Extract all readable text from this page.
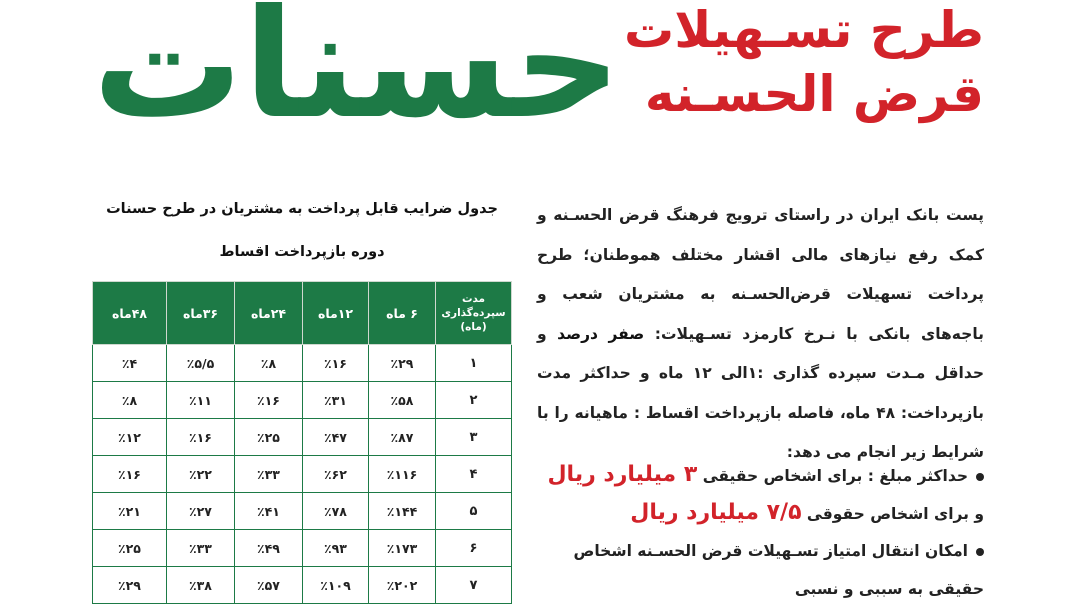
حسنات طرح تسـهیلات
قرض الحسـنه
جدول ضرایب قابل پرداخت به مشتریان در طرح حسنات
دوره بازپرداخت اقساط
مدت سپرده‌گذاری (ماه)	۶ ماه	۱۲ماه	۲۴ماه	۳۶ماه	۴۸ماه
۱	٪۲۹	٪۱۶	٪۸	٪۵/۵	٪۴
۲	٪۵۸	٪۳۱	٪۱۶	٪۱۱	٪۸
۳	٪۸۷	٪۴۷	٪۲۵	٪۱۶	٪۱۲
۴	٪۱۱۶	٪۶۲	٪۳۳	٪۲۲	٪۱۶
۵	٪۱۴۴	٪۷۸	٪۴۱	٪۲۷	٪۲۱
۶	٪۱۷۳	٪۹۳	٪۴۹	٪۳۳	٪۲۵
۷	٪۲۰۲	٪۱۰۹	٪۵۷	٪۳۸	٪۲۹
پست بانک ایران در راستای ترویج فرهنگ قرض الحسـنه و کمک رفع نیازهای مالی اقشار مختلف هموطنان؛ طرح پرداخت تسهیلات قرض‌الحسـنه به مشتریان شعب و باجه‌های بانکی با نـرخ کارمزد تسـهیلات: صفر درصد و حداقل مـدت سپرده گذاری :۱الی ۱۲ ماه و حداکثر مدت بازپرداخت: ۴۸ ماه، فاصله بازپرداخت اقساط : ماهیانه را با شرایط زیر انجام می دهد:
حداکثر مبلغ : برای اشخاص حقیقی ۳ میلیارد ریال
و برای اشخاص حقوقی ۷/۵ میلیارد ریال
امکان انتقال امتیاز تسـهیلات قرض الحسـنه اشخاص
حقیقی به سببی و نسبی
